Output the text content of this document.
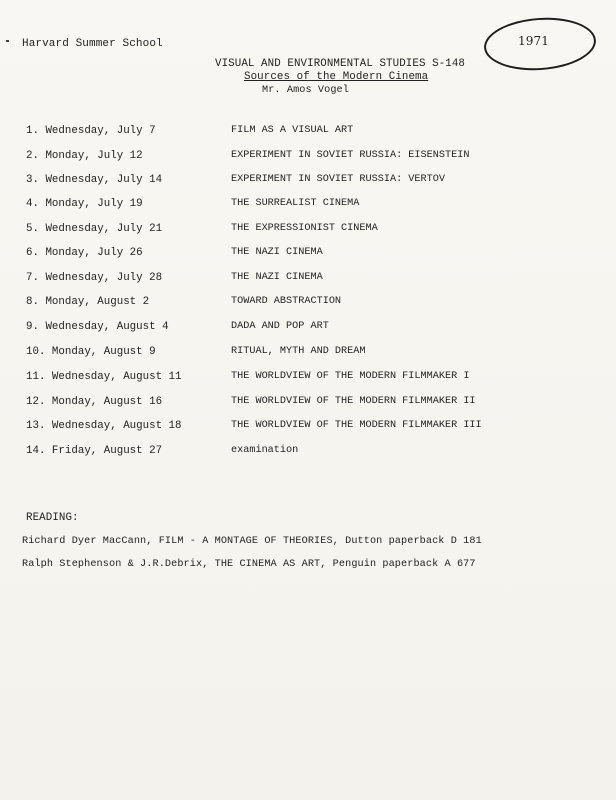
Harvard Summer School	1971
VISUAL AND ENVIRONMENTAL STUDIES S-148
Sources of the Modern Cinema
Mr. Amos Vogel
1. Wednesday, July 7	FILM AS A VISUAL ART
2. Monday, July 12	EXPERIMENT IN SOVIET RUSSIA: EISENSTEIN
3. Wednesday, July 14	EXPERIMENT IN SOVIET RUSSIA: VERTOV
4. Monday, July 19	THE SURREALIST CINEMA
5. Wednesday, July 21	THE EXPRESSIONIST CINEMA
6. Monday, July 26	THE NAZI CINEMA
7. Wednesday, July 28	THE NAZI CINEMA
8. Monday, August 2	TOWARD ABSTRACTION
9. Wednesday, August 4	DADA AND POP ART
10. Monday, August 9	RITUAL, MYTH AND DREAM
11. Wednesday, August 11	THE WORLDVIEW OF THE MODERN FILMMAKER I
12. Monday, August 16	THE WORLDVIEW OF THE MODERN FILMMAKER II
13. Wednesday, August 18	THE WORLDVIEW OF THE MODERN FILMMAKER III
14. Friday, August 27	examination
READING:
Richard Dyer MacCann, FILM - A MONTAGE OF THEORIES, Dutton paperback D 181
Ralph Stephenson & J.R.Debrix, THE CINEMA AS ART, Penguin paperback A 677
